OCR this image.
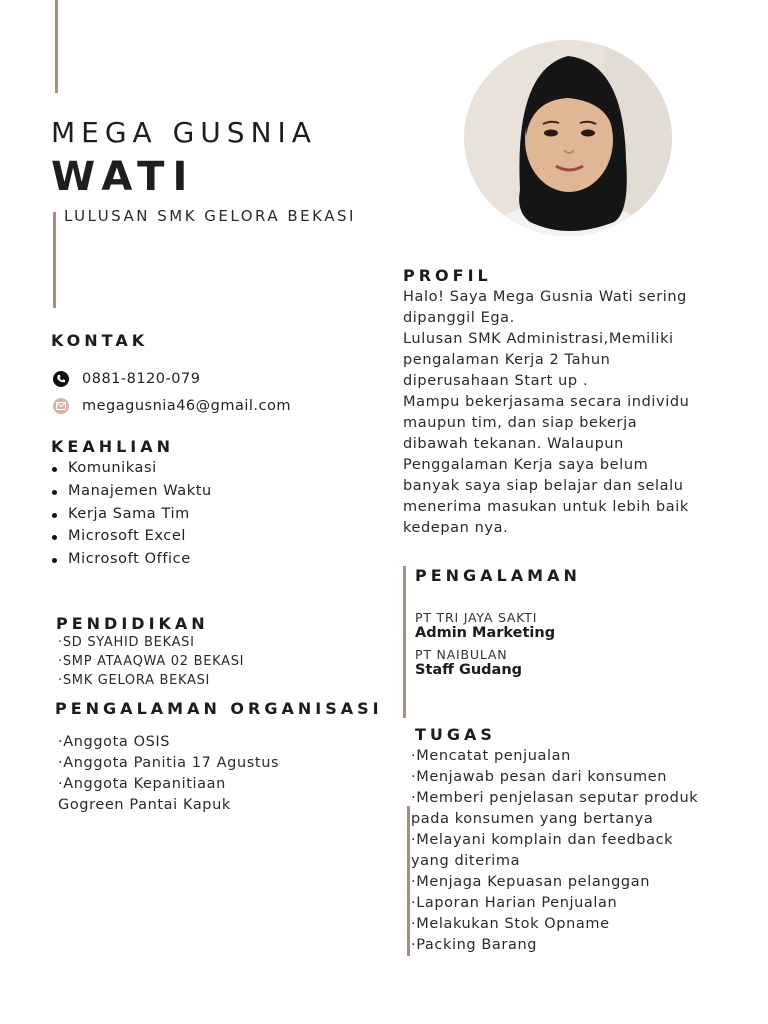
MEGA GUSNIA
WATI
LULUSAN SMK GELORA BEKASI
KONTAK
0881-8120-079
megagusnia46@gmail.com
KEAHLIAN
Komunikasi
Manajemen Waktu
Kerja Sama Tim
Microsoft Excel
Microsoft Office
PENDIDIKAN
·SD SYAHID BEKASI
·SMP ATAAQWA 02 BEKASI
·SMK GELORA BEKASI
PENGALAMAN ORGANISASI
·Anggota OSIS
·Anggota Panitia 17 Agustus
·Anggota Kepanitiaan
Gogreen Pantai Kapuk
PROFIL
Halo! Saya Mega Gusnia Wati sering
dipanggil Ega.
Lulusan SMK Administrasi,Memiliki
pengalaman Kerja 2 Tahun
diperusahaan Start up .
Mampu bekerjasama secara individu
maupun tim, dan siap bekerja
dibawah tekanan. Walaupun
Penggalaman Kerja saya belum
banyak saya siap belajar dan selalu
menerima masukan untuk lebih baik
kedepan nya.
PENGALAMAN
PT TRI JAYA SAKTI
Admin Marketing
PT NAIBULAN
Staff Gudang
TUGAS
·Mencatat penjualan
·Menjawab pesan dari konsumen
·Memberi penjelasan seputar produk
pada konsumen yang bertanya
·Melayani komplain dan feedback
yang diterima
·Menjaga Kepuasan pelanggan
·Laporan Harian Penjualan
·Melakukan Stok Opname
·Packing Barang
